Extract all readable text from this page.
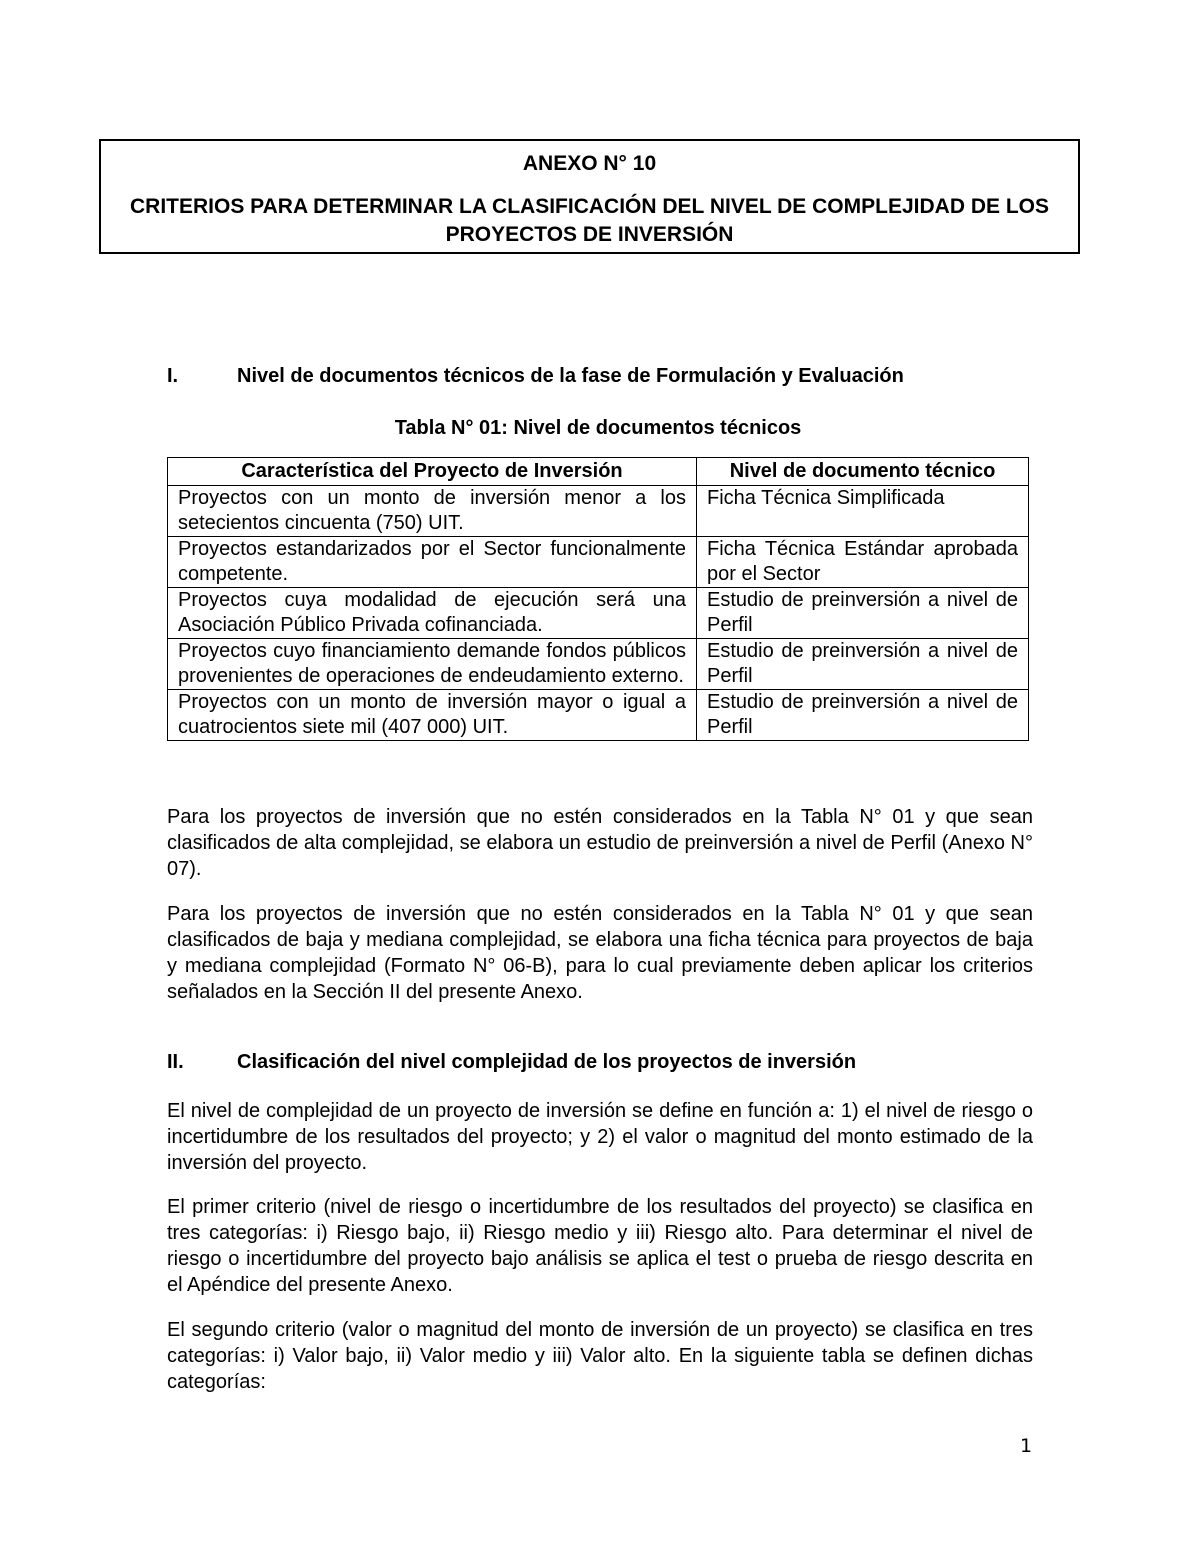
ANEXO N° 10
CRITERIOS PARA DETERMINAR LA CLASIFICACIÓN DEL NIVEL DE COMPLEJIDAD DE LOS PROYECTOS DE INVERSIÓN
I.	Nivel de documentos técnicos de la fase de Formulación y Evaluación
Tabla N° 01: Nivel de documentos técnicos
Característica del Proyecto de Inversión	Nivel de documento técnico
Proyectos con un monto de inversión menor a los setecientos cincuenta (750) UIT.	Ficha Técnica Simplificada
Proyectos estandarizados por el Sector funcionalmente competente.	Ficha Técnica Estándar aprobada por el Sector
Proyectos cuya modalidad de ejecución será una Asociación Público Privada cofinanciada.	Estudio de preinversión a nivel de Perfil
Proyectos cuyo financiamiento demande fondos públicos provenientes de operaciones de endeudamiento externo.	Estudio de preinversión a nivel de Perfil
Proyectos con un monto de inversión mayor o igual a cuatrocientos siete mil (407 000) UIT.	Estudio de preinversión a nivel de Perfil

Para los proyectos de inversión que no estén considerados en la Tabla N° 01 y que sean clasificados de alta complejidad, se elabora un estudio de preinversión a nivel de Perfil (Anexo N° 07).

Para los proyectos de inversión que no estén considerados en la Tabla N° 01 y que sean clasificados de baja y mediana complejidad, se elabora una ficha técnica para proyectos de baja y mediana complejidad (Formato N° 06-B), para lo cual previamente deben aplicar los criterios señalados en la Sección II del presente Anexo.

II.	Clasificación del nivel complejidad de los proyectos de inversión

El nivel de complejidad de un proyecto de inversión se define en función a: 1) el nivel de riesgo o incertidumbre de los resultados del proyecto; y 2) el valor o magnitud del monto estimado de la inversión del proyecto.

El primer criterio (nivel de riesgo o incertidumbre de los resultados del proyecto) se clasifica en tres categorías: i) Riesgo bajo, ii) Riesgo medio y iii) Riesgo alto. Para determinar el nivel de riesgo o incertidumbre del proyecto bajo análisis se aplica el test o prueba de riesgo descrita en el Apéndice del presente Anexo.

El segundo criterio (valor o magnitud del monto de inversión de un proyecto) se clasifica en tres categorías: i) Valor bajo, ii) Valor medio y iii) Valor alto. En la siguiente tabla se definen dichas categorías:

1
